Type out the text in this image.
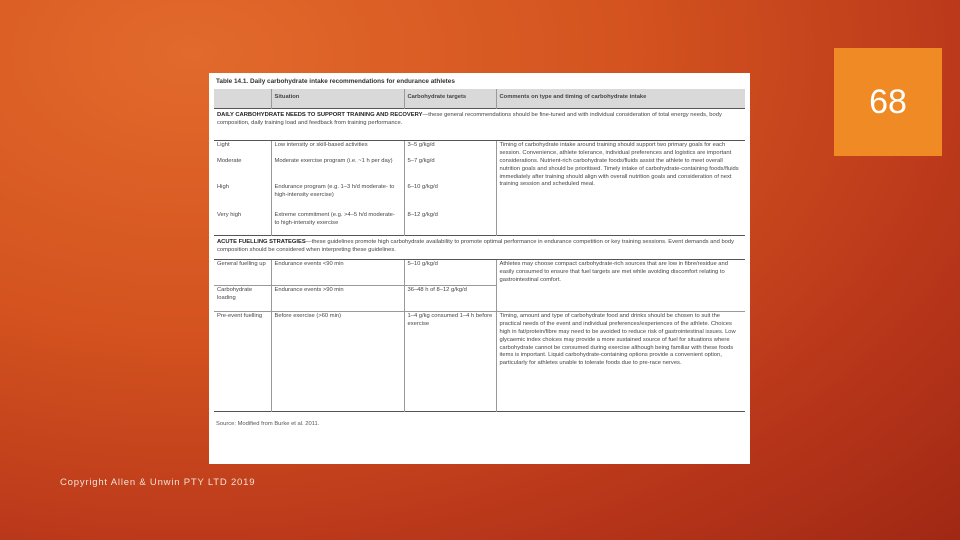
68
Table 14.1. Daily carbohydrate intake recommendations for endurance athletes
	Situation	Carbohydrate targets	Comments on type and timing of carbohydrate intake
DAILY CARBOHYDRATE NEEDS TO SUPPORT TRAINING AND RECOVERY—these general recommendations should be fine-tuned and with individual consideration of total energy needs, body composition, daily training load and feedback from training performance.			
Light	Low intensity or skill-based activities	3–5 g/kg/d	Timing of carbohydrate intake around training should support two primary goals for each session. Convenience, athlete tolerance, individual preferences and logistics are important considerations. Nutrient-rich carbohydrate foods/fluids assist the athlete to meet overall nutrition goals and should be prioritised. Timely intake of carbohydrate-containing foods/fluids immediately after training should align with overall nutrition goals and consideration of next training session and scheduled meal.
Moderate	Moderate exercise program (i.e. ~1 h per day)	5–7 g/kg/d	
High	Endurance program (e.g. 1–3 h/d moderate- to high-intensity exercise)	6–10 g/kg/d	
Very high	Extreme commitment (e.g. >4–5 h/d moderate- to high-intensity exercise	8–12 g/kg/d	
ACUTE FUELLING STRATEGIES—these guidelines promote high carbohydrate availability to promote optimal performance in endurance competition or key training sessions. Event demands and body composition should be considered when interpreting these guidelines.			
General fuelling up	Endurance events <90 min	5–10 g/kg/d	Athletes may choose compact carbohydrate-rich sources that are low in fibre/residue and easily consumed to ensure that fuel targets are met while avoiding discomfort relating to gastrointestinal comfort.
Carbohydrate loading	Endurance events >90 min	36–48 h of 8–12 g/kg/d	
Pre-event fuelling	Before exercise (>60 min)	1–4 g/kg consumed 1–4 h before exercise	Timing, amount and type of carbohydrate food and drinks should be chosen to suit the practical needs of the event and individual preferences/experiences of the athlete. Choices high in fat/protein/fibre may need to be avoided to reduce risk of gastrointestinal issues. Low glycaemic index choices may provide a more sustained source of fuel for situations where carbohydrate cannot be consumed during exercise although being familiar with these foods items is important. Liquid carbohydrate-containing options provide a convenient option, particularly for athletes unable to tolerate foods due to pre-race nerves.

Source: Modified from Burke et al. 2011.
Copyright Allen & Unwin PTY LTD 2019
